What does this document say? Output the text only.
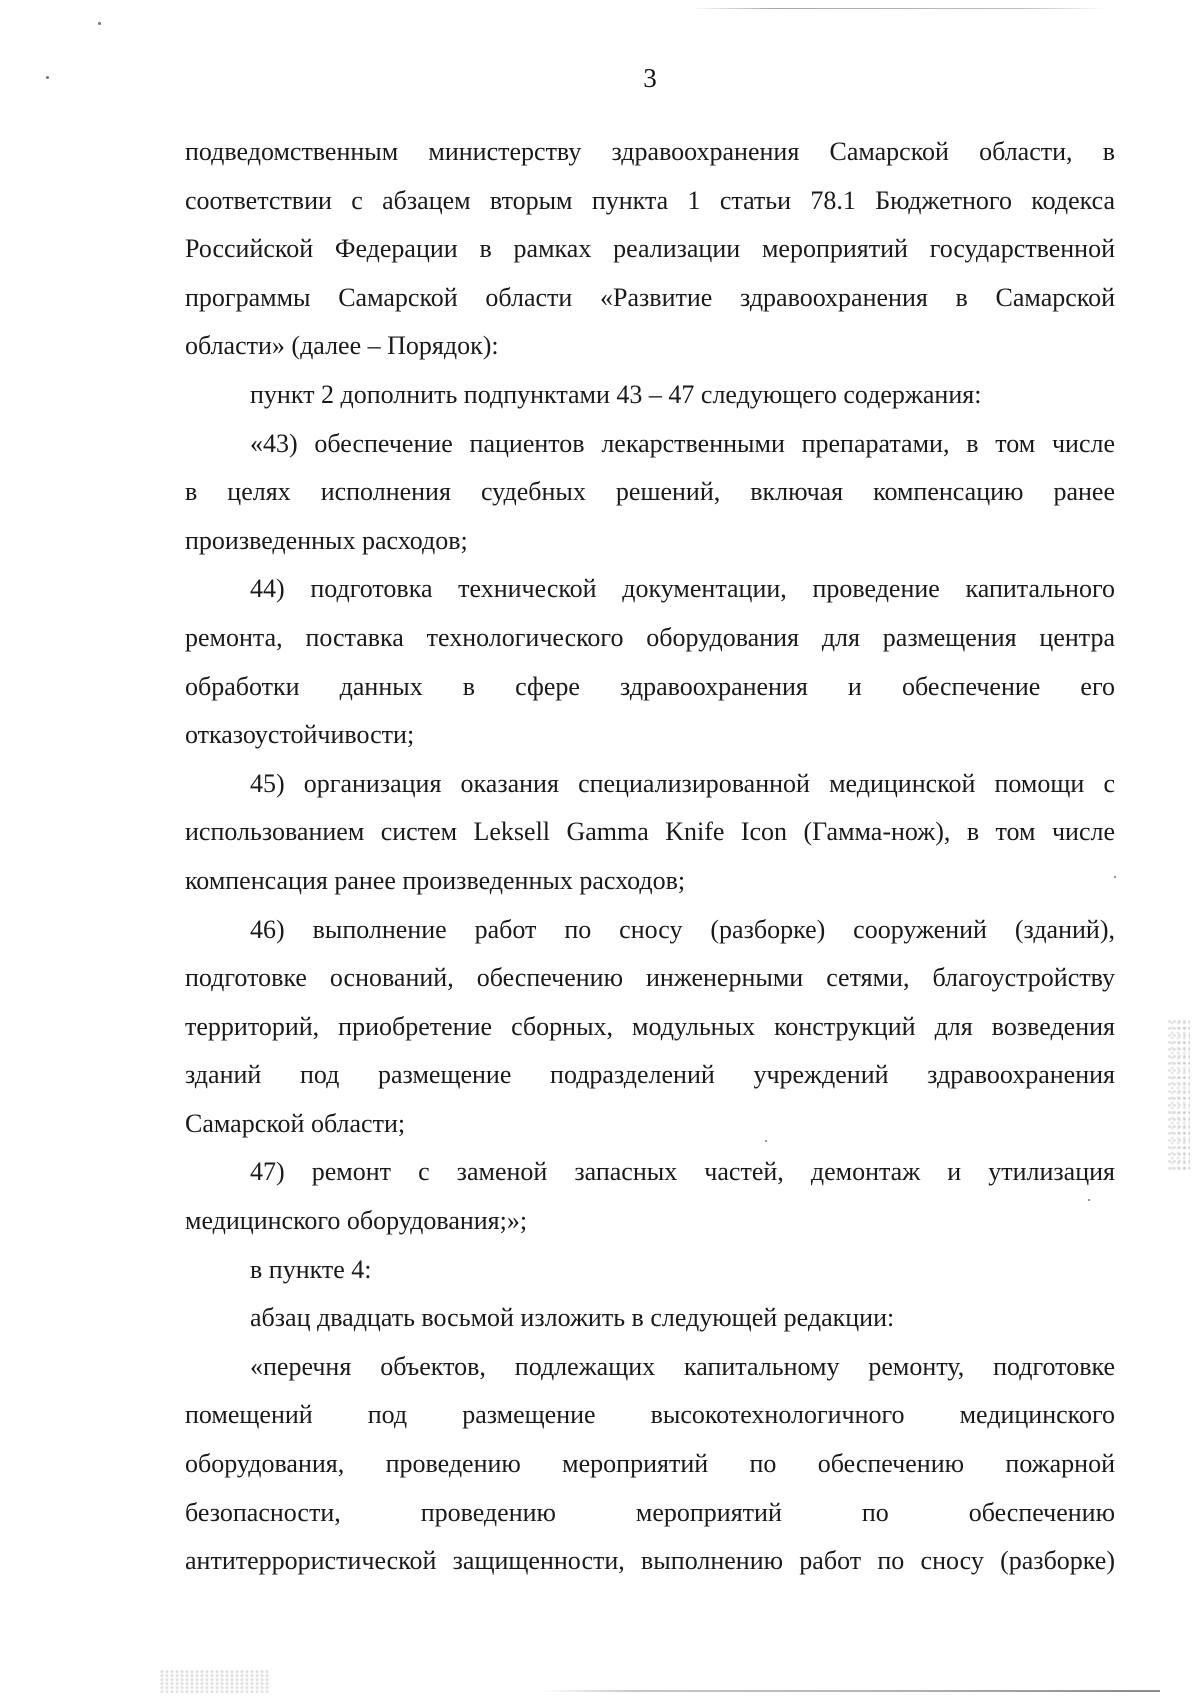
3
подведомственным министерству здравоохранения Самарской области, в
соответствии с абзацем вторым пункта 1 статьи 78.1 Бюджетного кодекса
Российской Федерации в рамках реализации мероприятий государственной
программы Самарской области «Развитие здравоохранения в Самарской
области» (далее – Порядок):
пункт 2 дополнить подпунктами 43 – 47 следующего содержания:
«43) обеспечение пациентов лекарственными препаратами, в том числе
в целях исполнения судебных решений, включая компенсацию ранее
произведенных расходов;
44) подготовка технической документации, проведение капитального
ремонта, поставка технологического оборудования для размещения центра
обработки данных в сфере здравоохранения и обеспечение его
отказоустойчивости;
45) организация оказания специализированной медицинской помощи с
использованием систем Leksell Gamma Knife Icon (Гамма-нож), в том числе
компенсация ранее произведенных расходов;
46) выполнение работ по сносу (разборке) сооружений (зданий),
подготовке оснований, обеспечению инженерными сетями, благоустройству
территорий, приобретение сборных, модульных конструкций для возведения
зданий под размещение подразделений учреждений здравоохранения
Самарской области;
47) ремонт с заменой запасных частей, демонтаж и утилизация
медицинского оборудования;»;
в пункте 4:
абзац двадцать восьмой изложить в следующей редакции:
«перечня объектов, подлежащих капитальному ремонту, подготовке
помещений под размещение высокотехнологичного медицинского
оборудования, проведению мероприятий по обеспечению пожарной
безопасности, проведению мероприятий по обеспечению
антитеррористической защищенности, выполнению работ по сносу (разборке)
